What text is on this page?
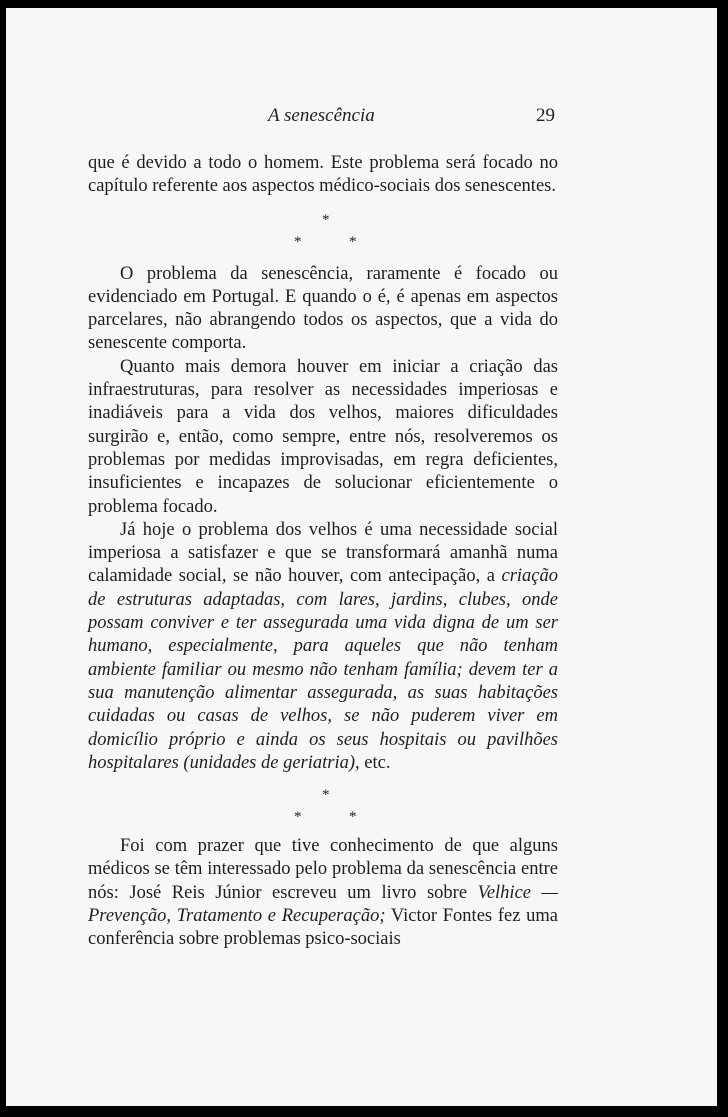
A senescência	29

que é devido a todo o homem. Este problema será focado no capítulo referente aos aspectos médico-sociais dos senescentes.

*
*	*

O problema da senescência, raramente é focado ou evidenciado em Portugal. E quando o é, é apenas em aspectos parcelares, não abrangendo todos os aspectos, que a vida do senescente comporta.

Quanto mais demora houver em iniciar a criação das infraestruturas, para resolver as necessidades imperiosas e inadiáveis para a vida dos velhos, maiores dificuldades surgirão e, então, como sempre, entre nós, resolveremos os problemas por medidas improvisadas, em regra deficientes, insuficientes e incapazes de solucionar eficientemente o problema focado.

Já hoje o problema dos velhos é uma necessidade social imperiosa a satisfazer e que se transformará amanhã numa calamidade social, se não houver, com antecipação, a criação de estruturas adaptadas, com lares, jardins, clubes, onde possam conviver e ter assegurada uma vida digna de um ser humano, especialmente, para aqueles que não tenham ambiente familiar ou mesmo não tenham família; devem ter a sua manutenção alimentar assegurada, as suas habitações cuidadas ou casas de velhos, se não puderem viver em domicílio próprio e ainda os seus hospitais ou pavilhões hospitalares (unidades de geriatria), etc.

*
*	*

Foi com prazer que tive conhecimento de que alguns médicos se têm interessado pelo problema da senescência entre nós: José Reis Júnior escreveu um livro sobre Velhice — Prevenção, Tratamento e Recuperação; Victor Fontes fez uma conferência sobre problemas psico-sociais
